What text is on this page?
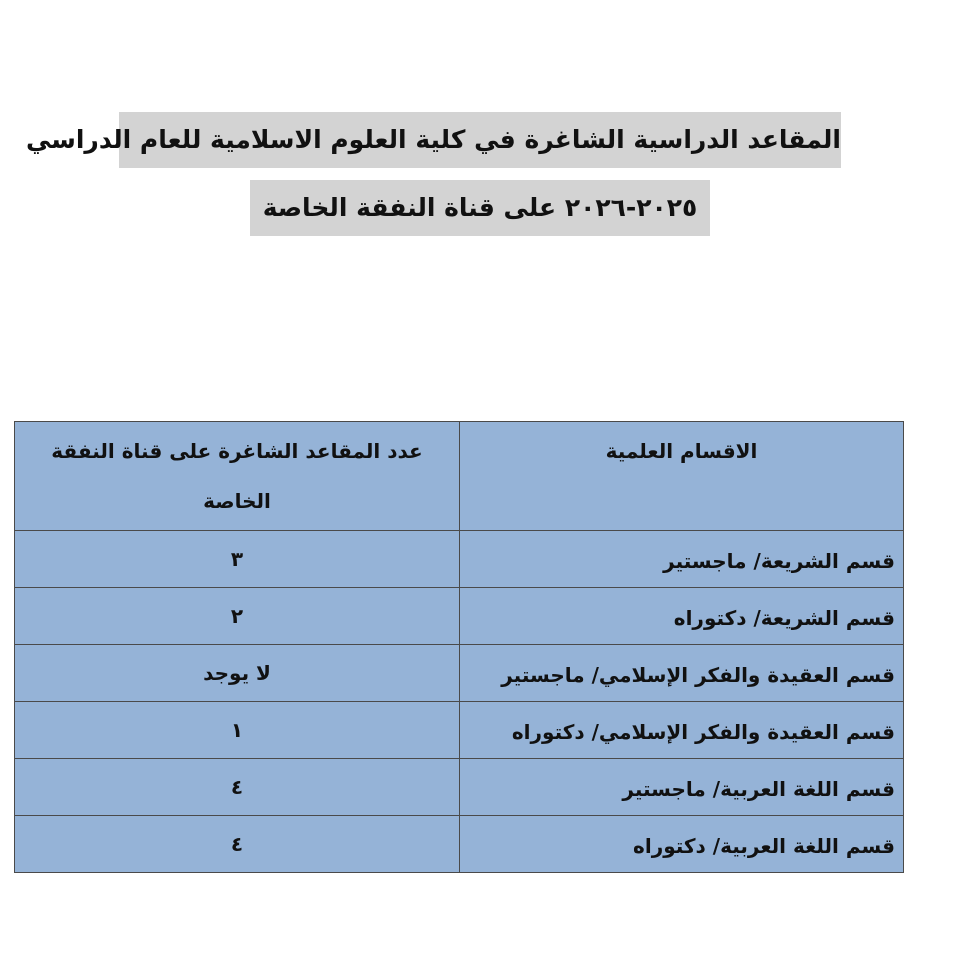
المقاعد الدراسية الشاغرة في كلية العلوم الاسلامية للعام الدراسي
٢٠٢٥-٢٠٢٦ على قناة النفقة الخاصة
الاقسام العلمية	عدد المقاعد الشاغرة على قناة النفقة الخاصة
قسم الشريعة/ ماجستير	٣
قسم الشريعة/ دكتوراه	٢
قسم العقيدة والفكر الإسلامي/ ماجستير	لا يوجد
قسم العقيدة والفكر الإسلامي/ دكتوراه	١
قسم اللغة العربية/ ماجستير	٤
قسم اللغة العربية/ دكتوراه	٤
